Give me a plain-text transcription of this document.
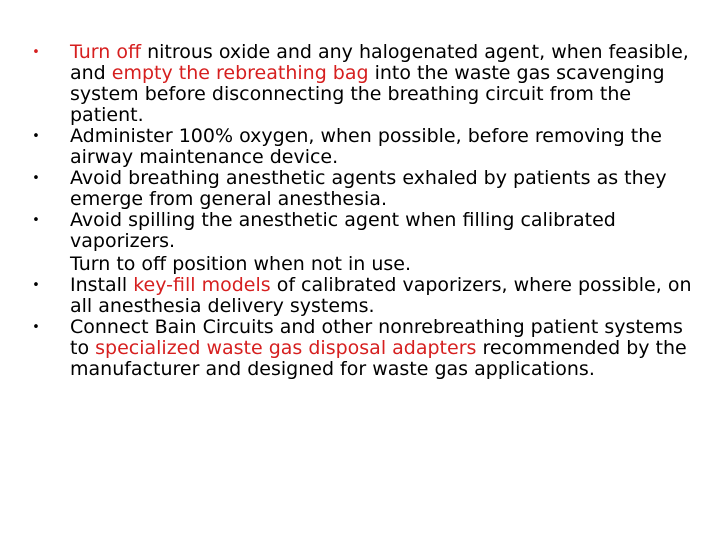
• Turn off nitrous oxide and any halogenated agent, when feasible, and empty the rebreathing bag into the waste gas scavenging system before disconnecting the breathing circuit from the patient.
• Administer 100% oxygen, when possible, before removing the airway maintenance device.
• Avoid breathing anesthetic agents exhaled by patients as they emerge from general anesthesia.
• Avoid spilling the anesthetic agent when filling calibrated vaporizers.
Turn to off position when not in use.
• Install key-fill models of calibrated vaporizers, where possible, on all anesthesia delivery systems.
• Connect Bain Circuits and other nonrebreathing patient systems to specialized waste gas disposal adapters recommended by the manufacturer and designed for waste gas applications.
